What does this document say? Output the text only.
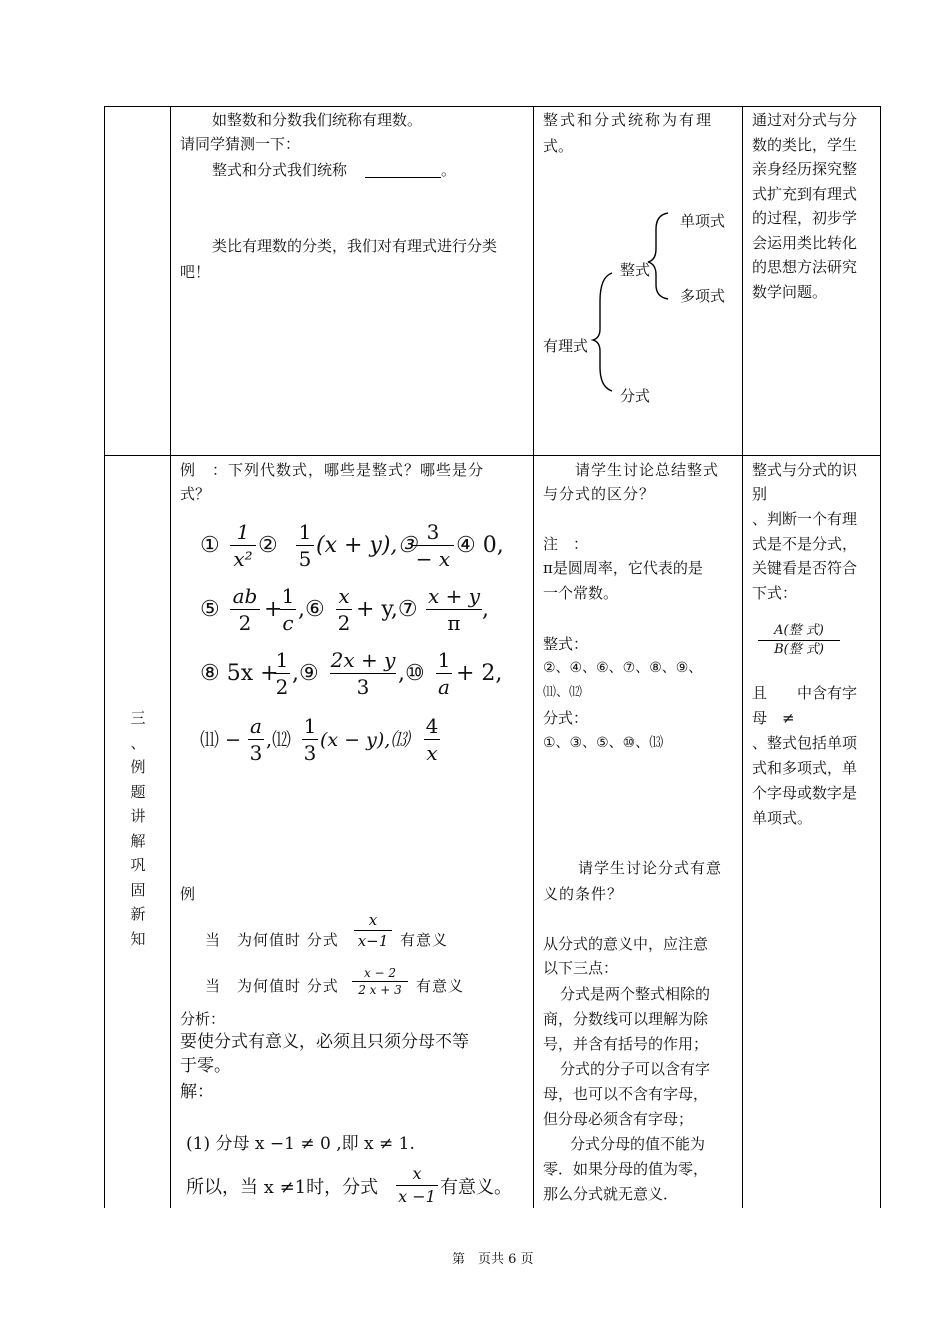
如整数和分数我们统称有理数。
请同学猜测一下：
整式和分式我们统称	。
类比有理数的分类，我们对有理式进行分类
吧！
整式和分式统称为有理
式。
单项式
整式
多项式
有理式
分式
通过对分式与分
数的类比，学生
亲身经历探究整
式扩充到有理式
的过程，初步学
会运用类比转化
的思想方法研究
数学问题。
三
、
例
题
讲
解
巩
固
新
知
例　：下列代数式，哪些是整式？哪些是分
式？
①
1
x²
②
1
5
(x + y),③
3
− x
④ 0,
⑤
ab
2
+
1
c
,⑥
x
2
+ y,⑦
x + y
π
,
⑧ 5x +
1
2
,⑨
2x + y
3
,⑩
1
a
+ 2,
⑾ −
a
3
,⑿
1
3
(x − y),⒀
4
x
请学生讨论总结整式
与分式的区分？
注　：
π是圆周率，它代表的是
一个常数。
整式：
②、④、⑥、⑦、⑧、⑨、
⑾、⑿
分式：
①、③、⑤、⑩、⒀
请学生讨论分式有意
义的条件？
从分式的意义中，应注意
以下三点：
分式是两个整式相除的
商，分数线可以理解为除
号，并含有括号的作用；
分式的分子可以含有字
母，也可以不含有字母，
但分母必须含有字母；
分式分母的值不能为
零．如果分母的值为零，
那么分式就无意义．
整式与分式的识
别
、判断一个有理
式是不是分式，
关键看是否符合
下式：
A(整 式)
B(整 式)
且　　中含有字
母　≠
、整式包括单项
式和多项式，单
个字母或数字是
单项式。
例
当　为何值时 分式
x
x−1 有意义
当　为何值时 分式
x − 2
2 x + 3 有意义
分析：
要使分式有意义，必须且只须分母不等
于零。
解：
(1) 分母 x −1 ≠ 0 ,即 x ≠ 1.
所以，当 x ≠1时，分式
x
x −1 有意义。
第　页共 6 页
